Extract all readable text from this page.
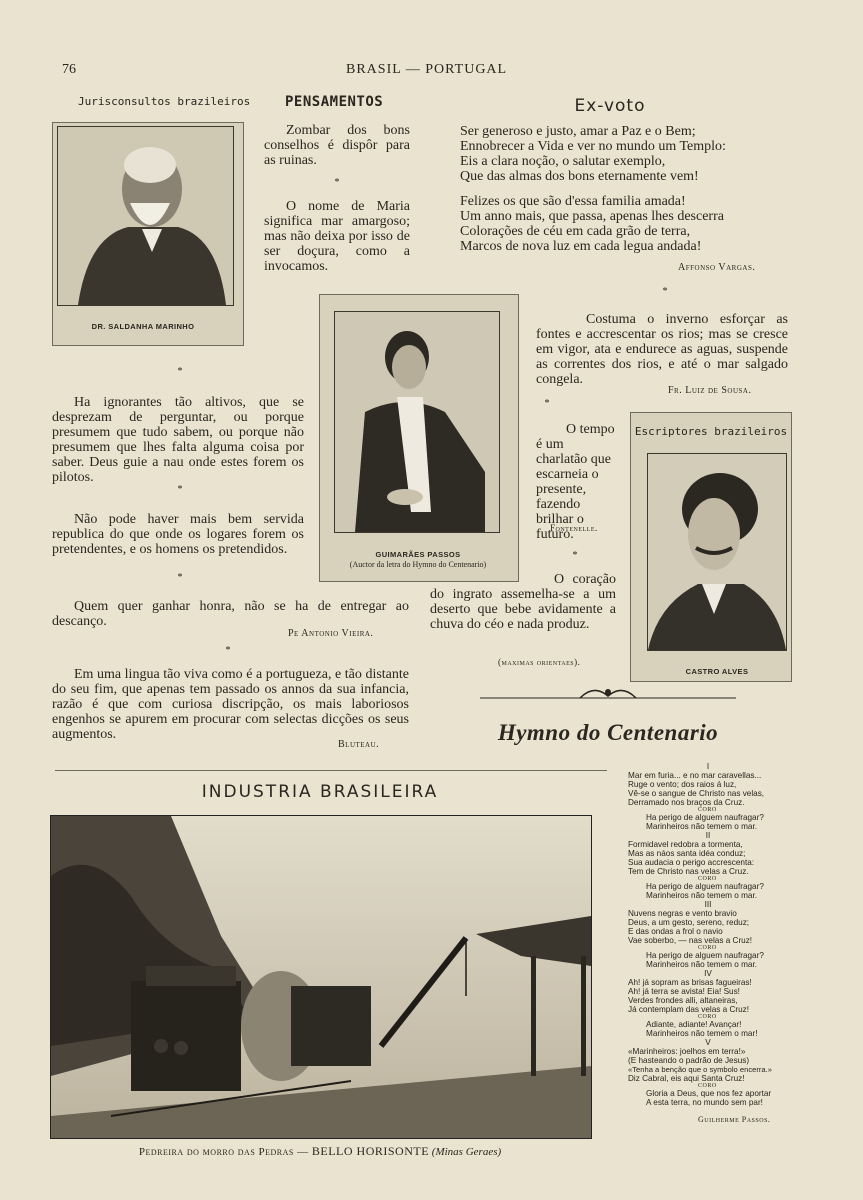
76	BRASIL — PORTUGAL
Jurisconsultos brazileiros
DR. SALDANHA MARINHO
PENSAMENTOS
Zombar dos bons conselhos é dispôr para as ruinas.
*
O nome de Maria significa mar amargoso; mas não deixa por isso de ser doçura, como a invocamos.
Ex-voto
Ser generoso e justo, amar a Paz e o Bem;
Ennobrecer a Vida e ver no mundo um Templo:
Eis a clara noção, o salutar exemplo,
Que das almas dos bons eternamente vem!
Felizes os que são d'essa familia amada!
Um anno mais, que passa, apenas lhes descerra
Colorações de céu em cada grão de terra,
Marcos de nova luz em cada legua andada!
Affonso Vargas.
*
Costuma o inverno esforçar as fontes e accrescentar os rios; mas se cresce em vigor, ata e endurece as aguas, suspende as correntes dos rios, e até o mar salgado congela.
Fr. Luiz de Sousa.
GUIMARÃES PASSOS
(Auctor da letra do Hymno do Centenario)
*
O tempo é um charlatão que escarneia o presente, fazendo brilhar o futuro.
Fontenelle.
*
Escriptores brazileiros
CASTRO ALVES
*
Ha ignorantes tão altivos, que se desprezam de perguntar, ou porque presumem que tudo sabem, ou porque não presumem que lhes falta alguma coisa por saber. Deus guie a nau onde estes forem os pilotos.
*
Não pode haver mais bem servida republica do que onde os logares forem os pretendentes, e os homens os pretendidos.
*
Quem quer ganhar honra, não se ha de entregar ao descanço.
Pe Antonio Vieira.
*
Em uma lingua tão viva como é a portugueza, e tão distante do seu fim, que apenas tem passado os annos da sua infancia, razão é que com curiosa discripção, os mais laboriosos engenhos se apurem em procurar com selectas dicções os seus augmentos.
Bluteau.
O coração do ingrato assemelha-se a um deserto que bebe avidamente a chuva do céo e nada produz.
(maximas orientaes).
Hymno do Centenario
I
Mar em furia... e no mar caravellas...
Ruge o vento; dos raios á luz,
Vê-se o sangue de Christo nas velas,
Derramado nos braços da Cruz.
CORO
Ha perigo de alguem naufragar?
Marinheiros não temem o mar.
II
Formidavel redobra a tormenta,
Mas as náos santa idéa conduz;
Sua audacia o perigo accrescenta:
Tem de Christo nas velas a Cruz.
CORO
Ha perigo de alguem naufragar?
Marinheiros não temem o mar.
III
Nuvens negras e vento bravio
Deus, a um gesto, sereno, reduz;
E das ondas a frol o navio
Vae soberbo, — nas velas a Cruz!
CORO
Ha perigo de alguem naufragar?
Marinheiros não temem o mar.
IV
Ah! já sopram as brisas fagueiras!
Ah! já terra se avista! Eia! Sus!
Verdes frondes alli, altaneiras,
Já contemplam das velas a Cruz!
CORO
Adiante, adiante! Avançar!
Marinheiros não temem o mar!
V
«Marinheiros: joelhos em terra!»
(E hasteando o padrão de Jesus)
«Tenha a benção que o symbolo encerra.»
Diz Cabral, eis aqui Santa Cruz!
CORO
Gloria a Deus, que nos fez aportar
A esta terra, no mundo sem par!
Guilherme Passos.
INDUSTRIA BRASILEIRA
Pedreira do morro das Pedras — BELLO HORISONTE (Minas Geraes)
